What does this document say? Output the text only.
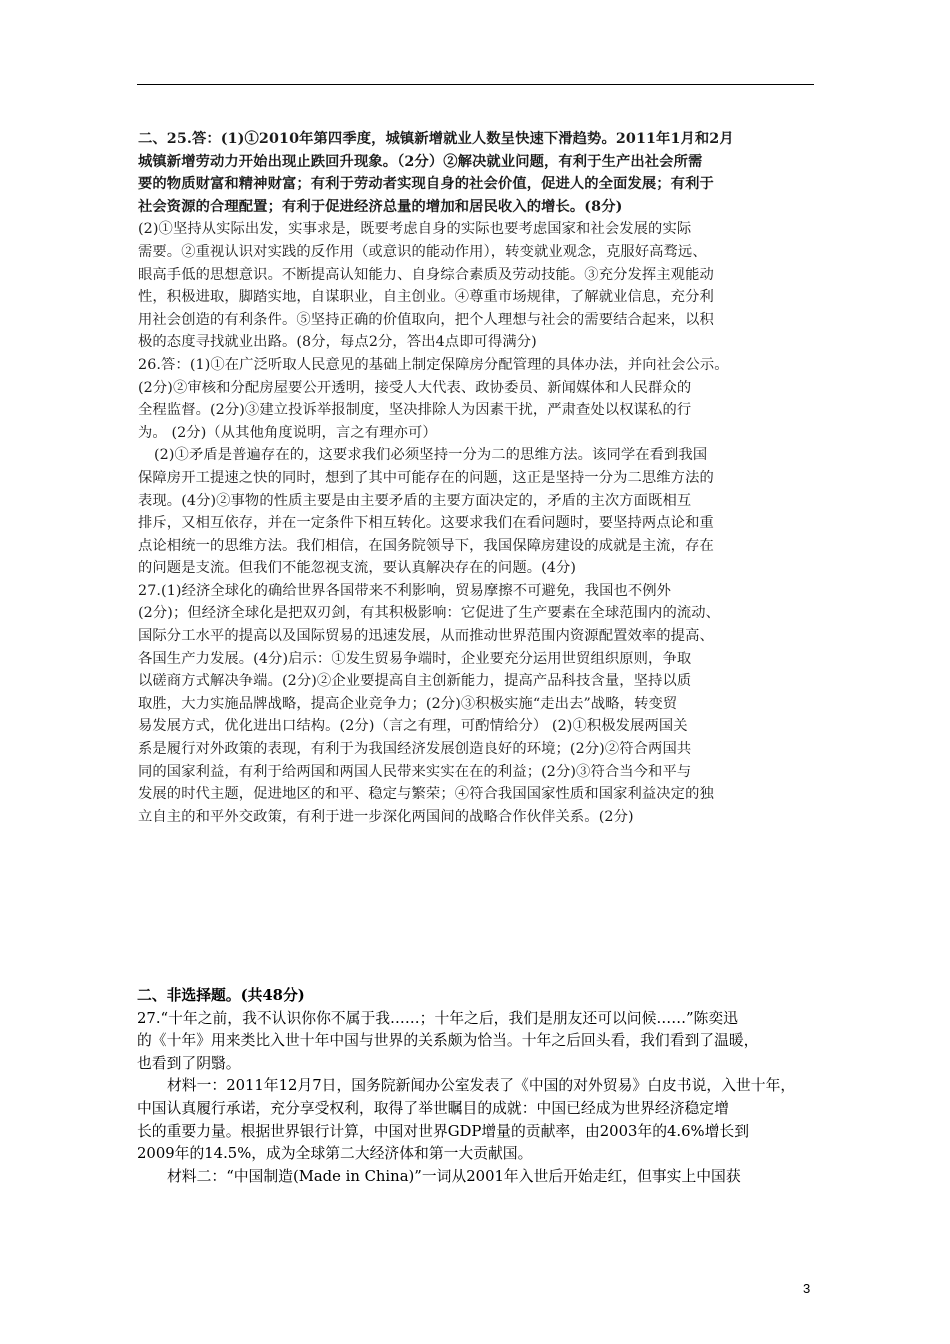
二、25.答：(1)①2010年第四季度，城镇新增就业人数呈快速下滑趋势。2011年1月和2月

城镇新增劳动力开始出现止跌回升现象。（2分）②解决就业问题，有利于生产出社会所需

要的物质财富和精神财富；有利于劳动者实现自身的社会价值，促进人的全面发展；有利于

社会资源的合理配置；有利于促进经济总量的增加和居民收入的增长。(8分)

(2)①坚持从实际出发，实事求是，既要考虑自身的实际也要考虑国家和社会发展的实际

需要。②重视认识对实践的反作用（或意识的能动作用），转变就业观念，克服好高骛远、

眼高手低的思想意识。不断提高认知能力、自身综合素质及劳动技能。③充分发挥主观能动

性，积极进取，脚踏实地，自谋职业，自主创业。④尊重市场规律，了解就业信息，充分利

用社会创造的有利条件。⑤坚持正确的价值取向，把个人理想与社会的需要结合起来，以积

极的态度寻找就业出路。(8分，每点2分，答出4点即可得满分)

26.答：(1)①在广泛听取人民意见的基础上制定保障房分配管理的具体办法，并向社会公示。

(2分)②审核和分配房屋要公开透明，接受人大代表、政协委员、新闻媒体和人民群众的

全程监督。(2分)③建立投诉举报制度，坚决排除人为因素干扰，严肃查处以权谋私的行

为。 (2分)（从其他角度说明，言之有理亦可）

(2)①矛盾是普遍存在的，这要求我们必须坚持一分为二的思维方法。该同学在看到我国

保障房开工提速之快的同时，想到了其中可能存在的问题，这正是坚持一分为二思维方法的

表现。(4分)②事物的性质主要是由主要矛盾的主要方面决定的，矛盾的主次方面既相互

排斥，又相互依存，并在一定条件下相互转化。这要求我们在看问题时，要坚持两点论和重

点论相统一的思维方法。我们相信，在国务院领导下，我国保障房建设的成就是主流，存在

的问题是支流。但我们不能忽视支流，要认真解决存在的问题。(4分)

27.(1)经济全球化的确给世界各国带来不利影响，贸易摩擦不可避免，我国也不例外

(2分)；但经济全球化是把双刃剑，有其积极影响：它促进了生产要素在全球范围内的流动、

国际分工水平的提高以及国际贸易的迅速发展，从而推动世界范围内资源配置效率的提高、

各国生产力发展。(4分)启示：①发生贸易争端时，企业要充分运用世贸组织原则，争取

以磋商方式解决争端。(2分)②企业要提高自主创新能力，提高产品科技含量，坚持以质

取胜，大力实施品牌战略，提高企业竞争力；(2分)③积极实施“走出去”战略，转变贸

易发展方式，优化进出口结构。(2分)（言之有理，可酌情给分） (2)①积极发展两国关

系是履行对外政策的表现，有利于为我国经济发展创造良好的环境；(2分)②符合两国共

同的国家利益，有利于给两国和两国人民带来实实在在的利益；(2分)③符合当今和平与

发展的时代主题，促进地区的和平、稳定与繁荣；④符合我国国家性质和国家利益决定的独

立自主的和平外交政策，有利于进一步深化两国间的战略合作伙伴关系。(2分)

二、非选择题。(共48分)

27.“十年之前，我不认识你你不属于我……；十年之后，我们是朋友还可以问候……”陈奕迅

的《十年》用来类比入世十年中国与世界的关系颇为恰当。十年之后回头看，我们看到了温暖，

也看到了阴翳。

材料一：2011年12月7日，国务院新闻办公室发表了《中国的对外贸易》白皮书说，入世十年，

中国认真履行承诺，充分享受权利，取得了举世瞩目的成就：中国已经成为世界经济稳定增

长的重要力量。根据世界银行计算，中国对世界GDP增量的贡献率，由2003年的4.6%增长到

2009年的14.5%，成为全球第二大经济体和第一大贡献国。

材料二：“中国制造(Made in China)”一词从2001年入世后开始走红，但事实上中国获

3
